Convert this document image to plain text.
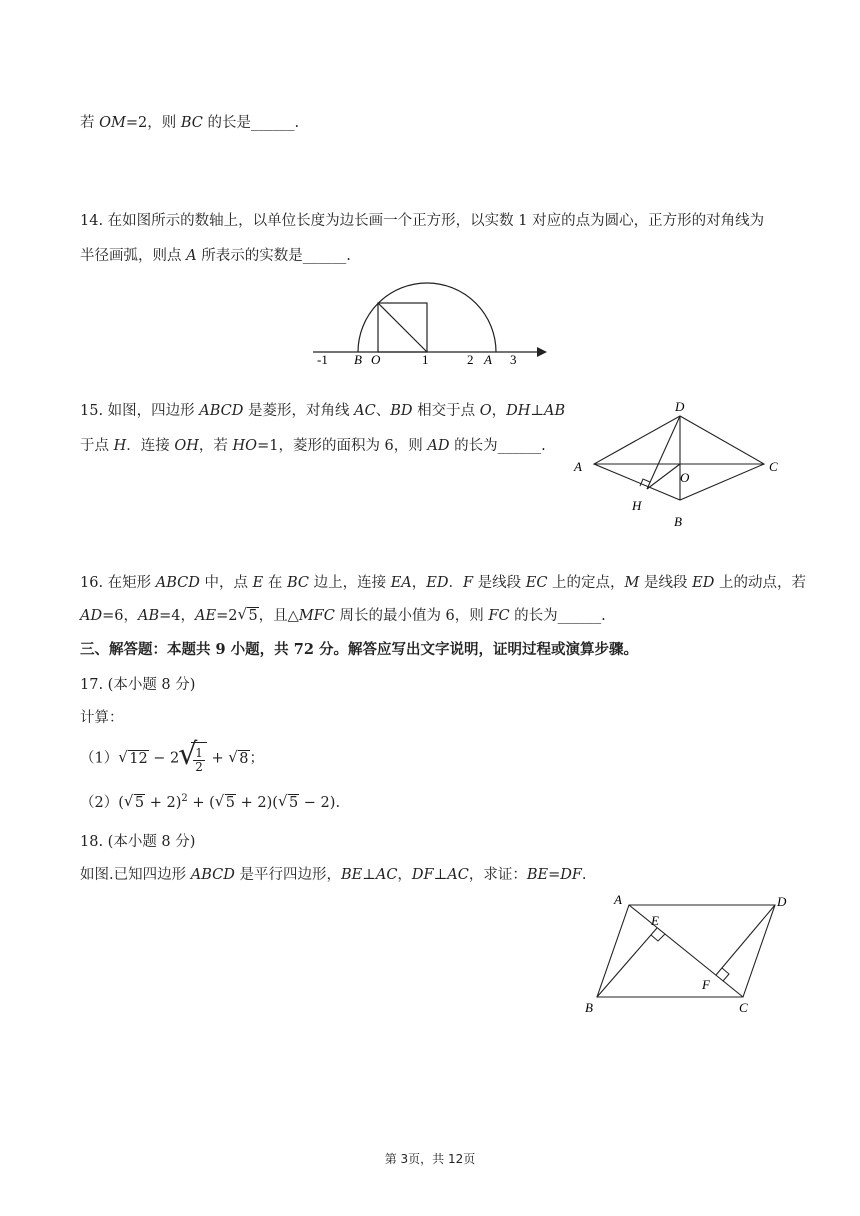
若 OM=2，则 BC 的长是______.
14. 在如图所示的数轴上，以单位长度为边长画一个正方形，以实数 1 对应的点为圆心，正方形的对角线为
半径画弧，则点 A 所表示的实数是______.
-1 B O	1	2 A 3
15. 如图，四边形 ABCD 是菱形，对角线 AC、BD 相交于点 O，DH⊥AB
于点 H．连接 OH，若 HO=1，菱形的面积为 6，则 AD 的长为______.
D
A	C
O
H
B
16. 在矩形 ABCD 中，点 E 在 BC 边上，连接 EA，ED．F 是线段 EC 上的定点，M 是线段 ED 上的动点，若
AD=6，AB=4，AE=2 √ 5，且△MFC 周长的最小值为 6，则 FC 的长为______.
三、解答题：本题共 9 小题，共 72 分。解答应写出文字说明，证明过程或演算步骤。
17. (本小题 8 分)
计算：
（1） √ 12 − 2 √ $\frac{1}{2}$ + √ 8；
（2）( √ 5 + 2)$^2$ + ( √ 5 + 2)( √ 5 − 2).
18. (本小题 8 分)
如图.已知四边形 ABCD 是平行四边形，BE⊥AC，DF⊥AC，求证：BE=DF.
A	D
E
F
B	C
第 3页，共 12页
